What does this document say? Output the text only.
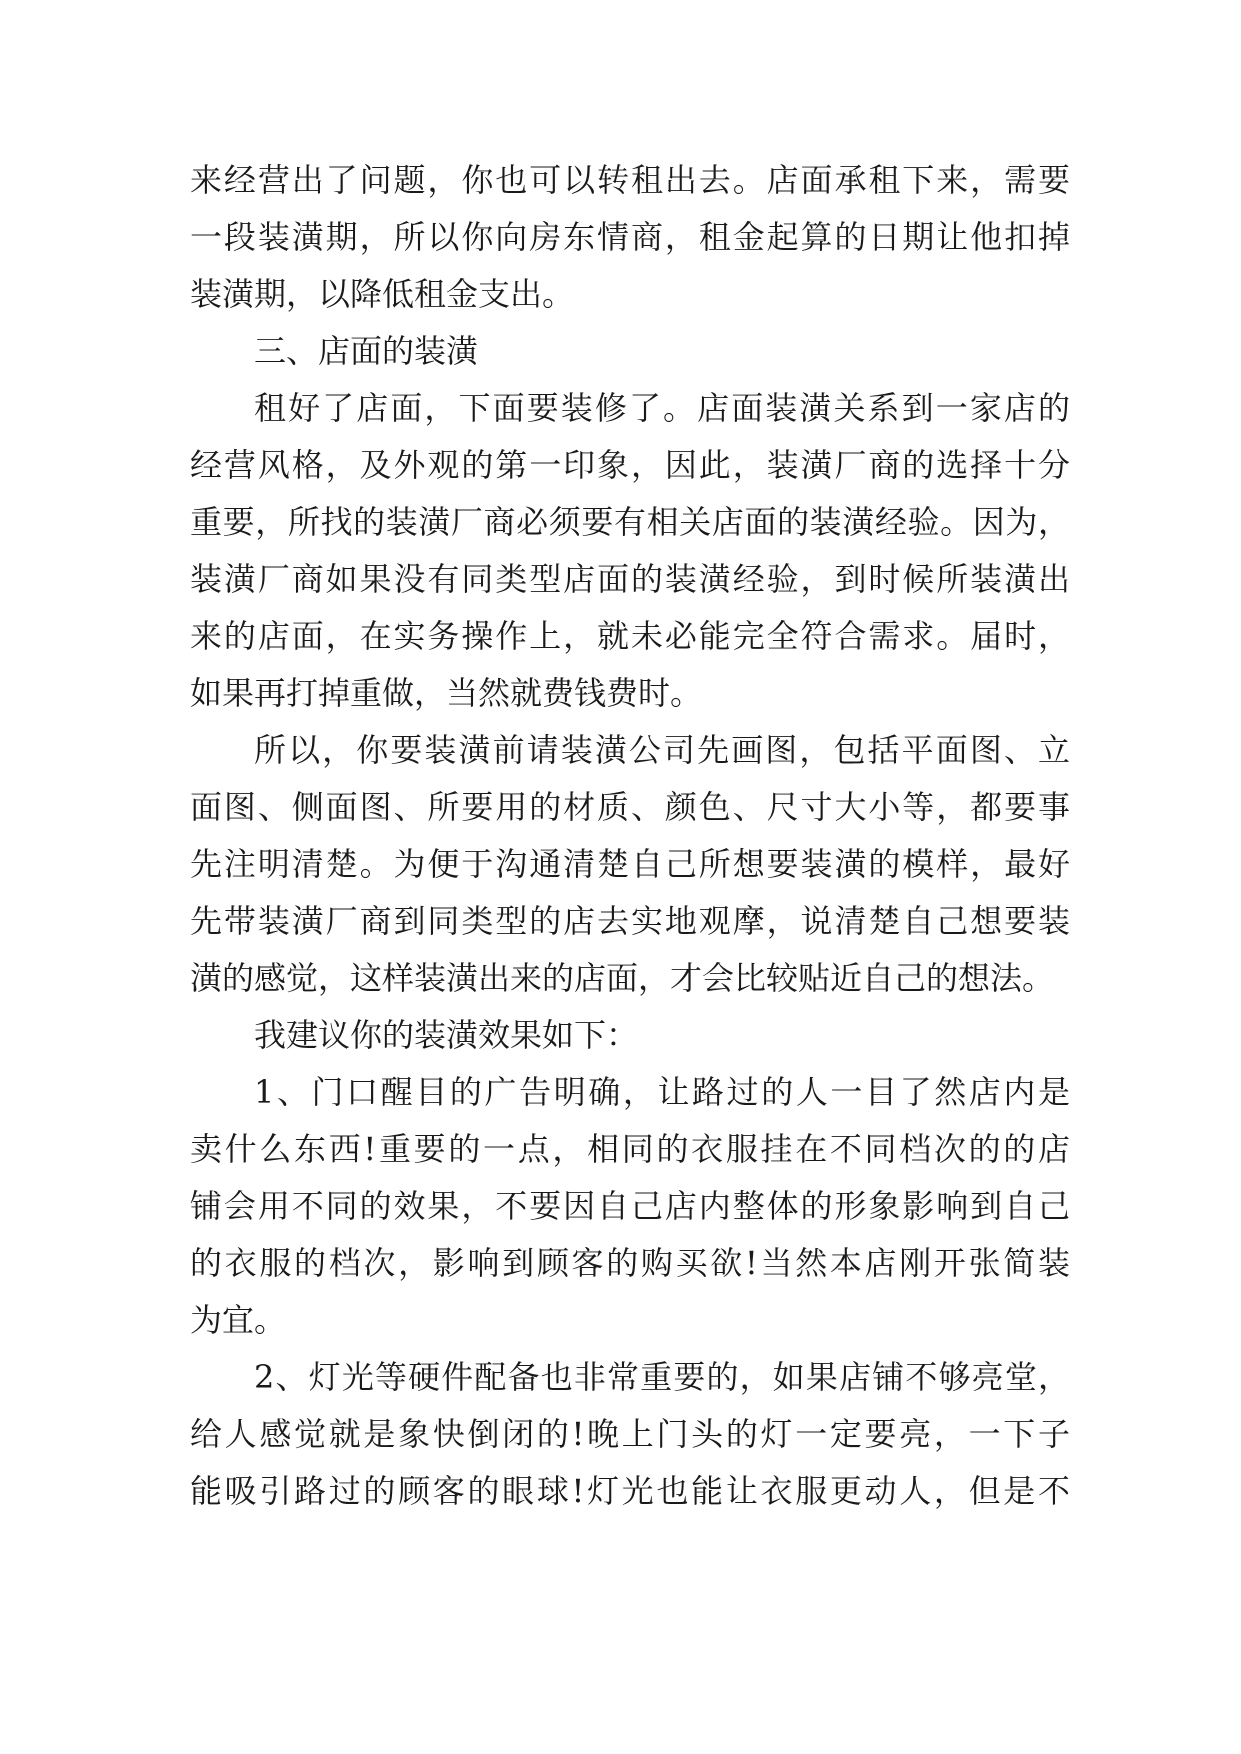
来经营出了问题，你也可以转租出去。店面承租下来，需要
一段装潢期，所以你向房东情商，租金起算的日期让他扣掉
装潢期，以降低租金支出。
三、店面的装潢
租好了店面，下面要装修了。店面装潢关系到一家店的
经营风格，及外观的第一印象，因此，装潢厂商的选择十分
重要，所找的装潢厂商必须要有相关店面的装潢经验。因为，
装潢厂商如果没有同类型店面的装潢经验，到时候所装潢出
来的店面，在实务操作上，就未必能完全符合需求。届时，
如果再打掉重做，当然就费钱费时。
所以，你要装潢前请装潢公司先画图，包括平面图、立
面图、侧面图、所要用的材质、颜色、尺寸大小等，都要事
先注明清楚。为便于沟通清楚自己所想要装潢的模样，最好
先带装潢厂商到同类型的店去实地观摩，说清楚自己想要装
潢的感觉，这样装潢出来的店面，才会比较贴近自己的想法。
我建议你的装潢效果如下：
1、门口醒目的广告明确，让路过的人一目了然店内是
卖什么东西!重要的一点，相同的衣服挂在不同档次的的店
铺会用不同的效果，不要因自己店内整体的形象影响到自己
的衣服的档次，影响到顾客的购买欲!当然本店刚开张简装
为宜。
2、灯光等硬件配备也非常重要的，如果店铺不够亮堂，
给人感觉就是象快倒闭的!晚上门头的灯一定要亮，一下子
能吸引路过的顾客的眼球!灯光也能让衣服更动人，但是不
